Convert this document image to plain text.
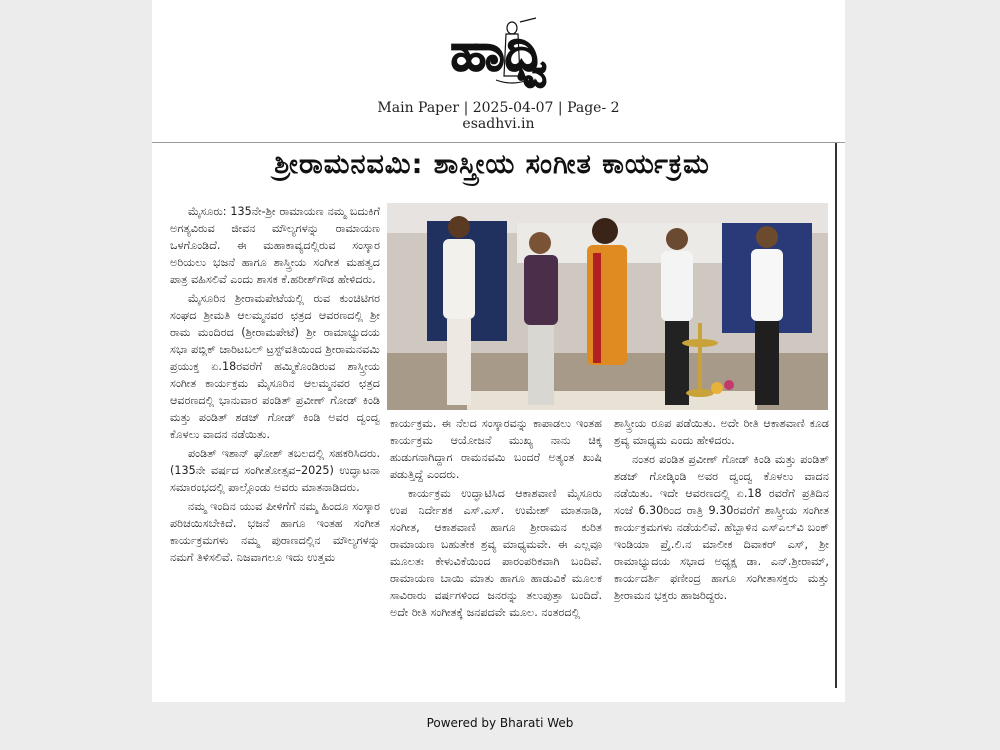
ಹಾಧ್ವಿ
Main Paper | 2025-04-07 | Page- 2
esadhvi.in
ಶ್ರೀರಾಮನವಮಿ: ಶಾಸ್ತ್ರೀಯ ಸಂಗೀತ ಕಾರ್ಯಕ್ರಮ

ಮೈಸೂರು: 135ನೇ-ಶ್ರೀ ರಾಮಾಯಣ ನಮ್ಮ ಬದುಕಿಗೆ ಅಗತ್ಯವಿರುವ ಜೀವನ ಮೌಲ್ಯಗಳನ್ನು ರಾಮಾಯಣ ಒಳಗೊಂಡಿದೆ. ಈ ಮಹಾಕಾವ್ಯದಲ್ಲಿರುವ ಸಂಸ್ಕಾರ ಅರಿಯಲು ಭಜನೆ ಹಾಗೂ ಶಾಸ್ತ್ರೀಯ ಸಂಗೀತ ಮಹತ್ವದ ಪಾತ್ರ ವಹಿಸಲಿವೆ ಎಂದು ಶಾಸಕ ಕೆ.ಹರೀಶ್‌ಗೌಡ ಹೇಳಿದರು.

ಮೈಸೂರಿನ ಶ್ರೀರಾಮಪೇಟೆಯಲ್ಲಿ ರುವ ಕುಂಚಿಟಿಗರ ಸಂಘದ ಶ್ರೀಮತಿ ಆಲಮ್ಮನವರ ಛತ್ರದ ಆವರಣದಲ್ಲಿ ಶ್ರೀ ರಾಮ ಮಂದಿರದ (ಶ್ರೀರಾಮಪೇಟೆ) ಶ್ರೀ ರಾಮಾಭ್ಯುದಯ ಸಭಾ ಪಬ್ಲಿಕ್ ಚಾರಿಟಬಲ್ ಟ್ರಸ್ಟ್‌ವತಿಯಿಂದ ಶ್ರೀರಾಮನವಮಿ ಪ್ರಯುಕ್ತ ಏ.18ರವರೆಗೆ ಹಮ್ಮಿಕೊಂಡಿರುವ ಶಾಸ್ತ್ರೀಯ ಸಂಗೀತ ಕಾರ್ಯಕ್ರಮ ಮೈಸೂರಿನ ಆಲಮ್ಮನವರ ಛತ್ರದ ಆವರಣದಲ್ಲಿ ಭಾನುವಾರ ಪಂಡಿತ್ ಪ್ರವೀಣ್ ಗೋಡ್ ಕಿಂಡಿ ಮತ್ತು ಪಂಡಿತ್ ಶಡಜ್ ಗೋಡ್ ಕಿಂಡಿ ಅವರ ದ್ವಂದ್ವ ಕೊಳಲು ವಾದನ ನಡೆಯಿತು.

ಪಂಡಿತ್ ಇಶಾನ್ ಘೋಶ್ ತಬಲದಲ್ಲಿ ಸಹಕರಿಸಿದರು. (135ನೇ ವರ್ಷದ ಸಂಗೀತೋತ್ಸವ–2025) ಉದ್ಘಾಟನಾ ಸಮಾರಂಭದಲ್ಲಿ ಪಾಲ್ಗೊಂಡು ಅವರು ಮಾತನಾಡಿದರು.

ನಮ್ಮ ಇಂದಿನ ಯುವ ಪೀಳಿಗೆಗೆ ನಮ್ಮ ಹಿಂದೂ ಸಂಸ್ಕಾರ ಪರಿಚಯಿಸಬೇಕಿದೆ. ಭಜನೆ ಹಾಗೂ ಇಂತಹ ಸಂಗೀತ ಕಾರ್ಯಕ್ರಮಗಳು ನಮ್ಮ ಪುರಾಣದಲ್ಲಿನ ಮೌಲ್ಯಗಳನ್ನು ನಮಗೆ ತಿಳಿಸಲಿವೆ. ನಿಜವಾಗಲೂ ಇದು ಉತ್ತಮ

ಕಾರ್ಯಕ್ರಮ. ಈ ನೆಲದ ಸಂಸ್ಕಾರವನ್ನು ಕಾಪಾಡಲು ಇಂತಹ ಕಾರ್ಯಕ್ರಮ ಆಯೋಜನೆ ಮುಖ್ಯ ನಾನು ಚಿಕ್ಕ ಹುಡುಗನಾಗಿದ್ದಾಗ ರಾಮನವಮಿ ಬಂದರೆ ಅತ್ಯಂತ ಖುಷಿ ಪಡುತ್ತಿದ್ದೆ ಎಂದರು.

ಕಾರ್ಯಕ್ರಮ ಉದ್ಘಾಟಿಸಿದ ಆಕಾಶವಾಣಿ ಮೈಸೂರು ಉಪ ನಿರ್ದೇಶಕ ಎಸ್.ಎಸ್. ಉಮೇಶ್ ಮಾತನಾಡಿ, ಸಂಗೀತ, ಆಕಾಶವಾಣಿ ಹಾಗೂ ಶ್ರೀರಾಮನ ಕುರಿತ ರಾಮಾಯಣ ಬಹುತೇಕ ಶ್ರವ್ಯ ಮಾಧ್ಯಮವೇ. ಈ ಎಲ್ಲವೂ ಮೂಲತಃ ಕೇಳುವಿಕೆಯಿಂದ ಪಾರಂಪರಿಕವಾಗಿ ಬಂದಿವೆ. ರಾಮಾಯಣ ಬಾಯಿ ಮಾತು ಹಾಗೂ ಹಾಡುವಿಕೆ ಮೂಲಕ ಸಾವಿರಾರು ವರ್ಷಗಳಿಂದ ಜನರನ್ನು ತಲುಪುತ್ತಾ ಬಂದಿದೆ. ಅದೇ ರೀತಿ ಸಂಗೀತಕ್ಕೆ ಜನಪದವೇ ಮೂಲ. ನಂತರದಲ್ಲಿ

ಶಾಸ್ತ್ರೀಯ ರೂಪ ಪಡೆಯಿತು. ಅದೇ ರೀತಿ ಆಕಾಶವಾಣಿ ಕೂಡ ಶ್ರವ್ಯ ಮಾಧ್ಯಮ ಎಂದು ಹೇಳಿದರು.

ನಂತರ ಪಂಡಿತ ಪ್ರವೀಣ್ ಗೋಡ್ ಕಿಂಡಿ ಮತ್ತು ಪಂಡಿತ್ ಶಡಜ್ ಗೋಡ್ಕಿಂಡಿ ಅವರ ದ್ವಂದ್ವ ಕೊಳಲು ವಾದನ ನಡೆಯಿತು. ಇದೇ ಆವರಣದಲ್ಲಿ ಏ.18 ರವರೆಗೆ ಪ್ರತಿದಿನ ಸಂಜೆ 6.30ರಿಂದ ರಾತ್ರಿ 9.30ರವರೆಗೆ ಶಾಸ್ತ್ರೀಯ ಸಂಗೀತ ಕಾರ್ಯಕ್ರಮಗಳು ನಡೆಯಲಿವೆ. ಹೆಬ್ಬಾಳಿನ ಎಸ್‌ಎಲ್‌ವಿ ಬಂಕ್ ಇಂಡಿಯಾ ಪ್ರೈ.ಲಿ.ನ ಮಾಲೀಕ ದಿವಾಕರ್ ಎಸ್, ಶ್ರೀ ರಾಮಾಭ್ಯುದಯ ಸಭಾದ ಅಧ್ಯಕ್ಷ ಡಾ. ಎನ್.ಶ್ರೀರಾಮ್, ಕಾರ್ಯದರ್ಶಿ ಫಣೀಂದ್ರ ಹಾಗೂ ಸಂಗೀತಾಸಕ್ತರು ಮತ್ತು ಶ್ರೀರಾಮನ ಭಕ್ತರು ಹಾಜರಿದ್ದರು.

Powered by Bharati Web
